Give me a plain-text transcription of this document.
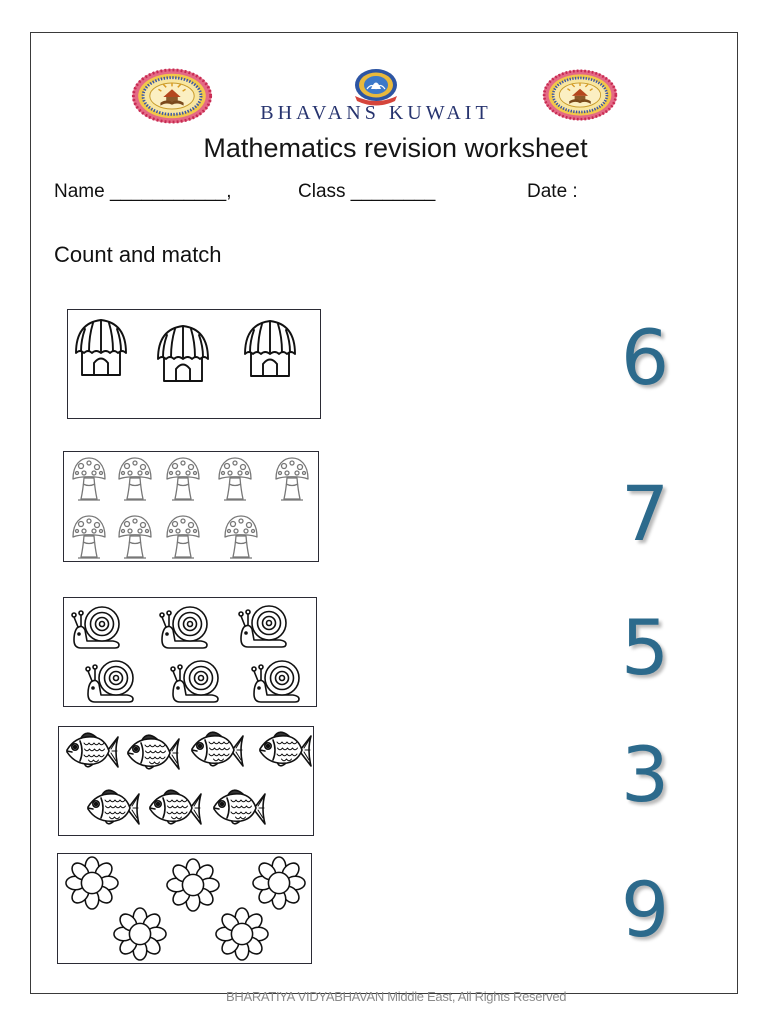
BHAVANS KUWAIT
Mathematics revision worksheet
Name ___________,	Class ________	Date :
Count and match
6
7
5
3
9
BHARATIYA VIDYABHAVAN Middle East, All Rights Reserved
